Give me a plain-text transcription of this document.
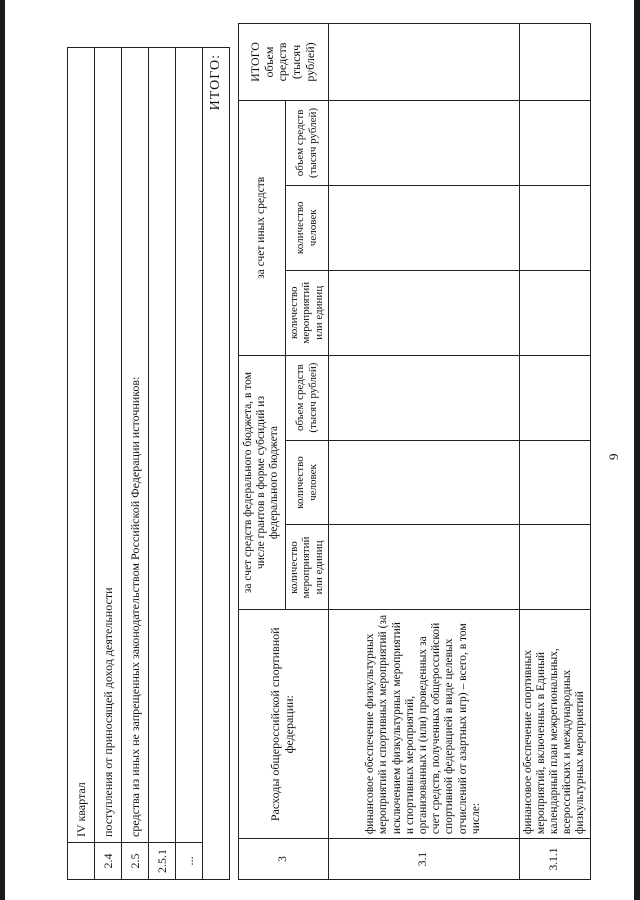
9
	IV квартал
2.4	поступления от приносящей доход деятельности
2.5	средства из иных не запрещенных законодательством Российской Федерации источников:
2.5.1	
...	
ИТОГО:	
3	Расходы общероссийской спортивной федерации:	за счет средств федерального бюджета, в том числе грантов в форме субсидий из федерального бюджета			за счет иных средств			ИТОГО объем средств (тысяч рублей)
		количество мероприятий или единиц	количество человек	объем средств (тысяч рублей)	количество мероприятий или единиц	количество человек	объем средств (тысяч рублей)	
3.1	финансовое обеспечение физкультурных мероприятий и спортивных мероприятий (за исключением физкультурных мероприятий и спортивных мероприятий, организованных и (или) проведенных за счет средств, полученных общероссийской спортивной федерацией в виде целевых отчислений от азартных игр) – всего, в том числе:							
3.1.1	финансовое обеспечение спортивных мероприятий, включенных в Единый календарный план межрегиональных, всероссийских и международных физкультурных мероприятий							
